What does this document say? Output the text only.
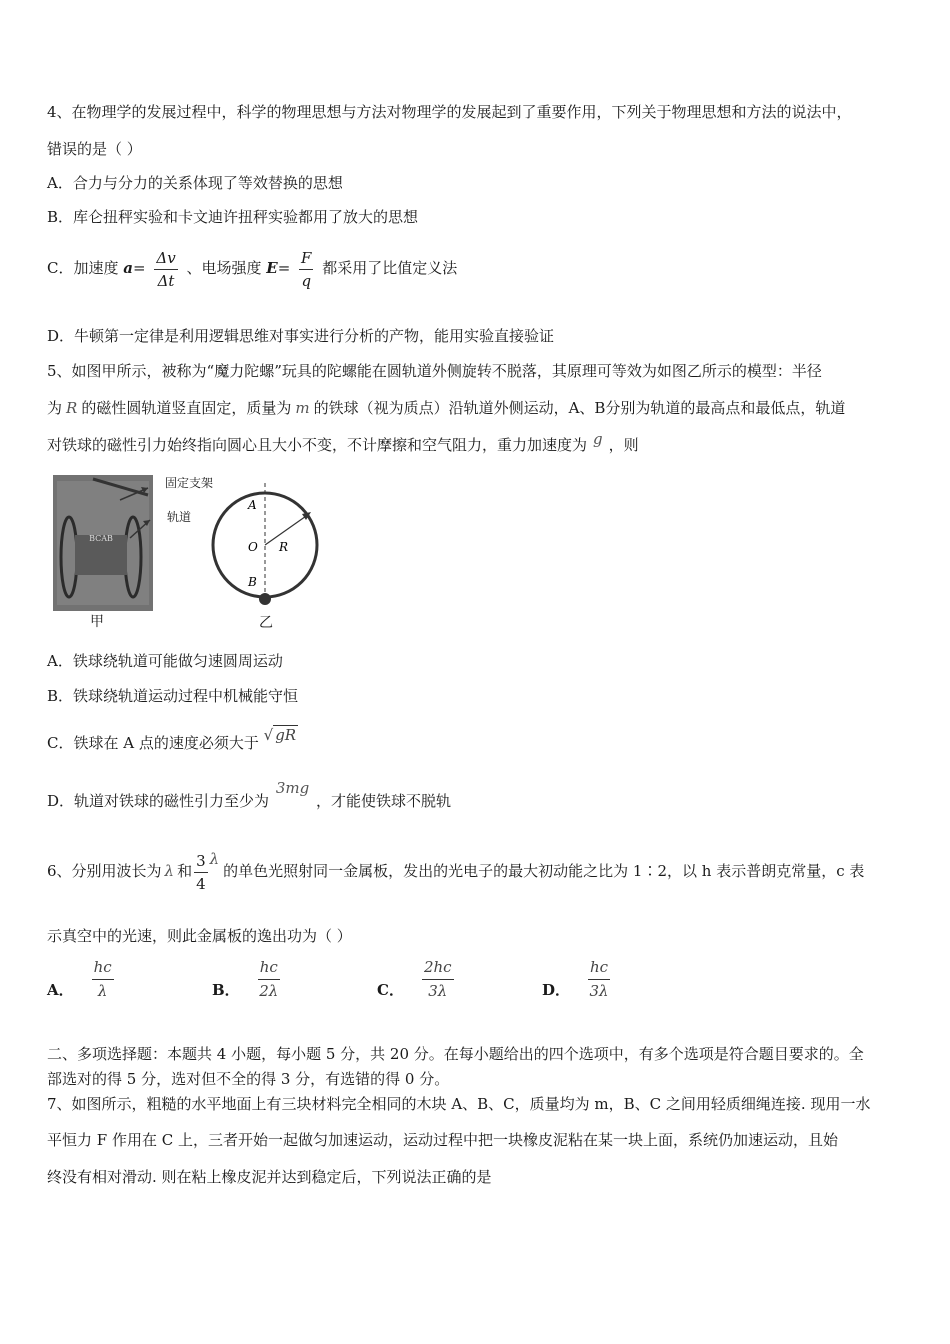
4、在物理学的发展过程中，科学的物理思想与方法对物理学的发展起到了重要作用，下列关于物理思想和方法的说法中，
错误的是（ ）
A．合力与分力的关系体现了等效替换的思想
B．库仑扭秤实验和卡文迪许扭秤实验都用了放大的思想
C．加速度 $a= \frac{\Delta v}{\Delta t}$ 、电场强度 $E= \frac{F}{q}$ 都采用了比值定义法
D．牛顿第一定律是利用逻辑思维对事实进行分析的产物，能用实验直接验证
5、如图甲所示，被称为“魔力陀螺”玩具的陀螺能在圆轨道外侧旋转不脱落，其原理可等效为如图乙所示的模型：半径
为 R 的磁性圆轨道竖直固定，质量为 m 的铁球（视为质点）沿轨道外侧运动，A、B分别为轨道的最高点和最低点，轨道
对铁球的磁性引力始终指向圆心且大小不变，不计摩擦和空气阻力，重力加速度为 g ，则
BCAB
固定支架
轨道
甲
A
O R
B
乙
A．铁球绕轨道可能做匀速圆周运动
B．铁球绕轨道运动过程中机械能守恒
C．铁球在 A 点的速度必须大于 √ gR
D．轨道对铁球的磁性引力至少为 3mg ，才能使铁球不脱轨
6、分别用波长为 λ 和 $\frac{3}{4}$ λ的单色光照射同一金属板，发出的光电子的最大初动能之比为 1∶2，以 h 表示普朗克常量，c 表
示真空中的光速，则此金属板的逸出功为（ ）
A． $\frac{hc}{\lambda}$	B． $\frac{hc}{2\lambda}$	C． $\frac{2hc}{3\lambda}$	D． $\frac{hc}{3\lambda}$
二、多项选择题：本题共 4 小题，每小题 5 分，共 20 分。在每小题给出的四个选项中，有多个选项是符合题目要求的。全
部选对的得 5 分，选对但不全的得 3 分，有选错的得 0 分。
7、如图所示，粗糙的水平地面上有三块材料完全相同的木块 A、B、C，质量均为 m，B、C 之间用轻质细绳连接. 现用一水
平恒力 F 作用在 C 上，三者开始一起做匀加速运动，运动过程中把一块橡皮泥粘在某一块上面，系统仍加速运动，且始
终没有相对滑动. 则在粘上橡皮泥并达到稳定后，下列说法正确的是
